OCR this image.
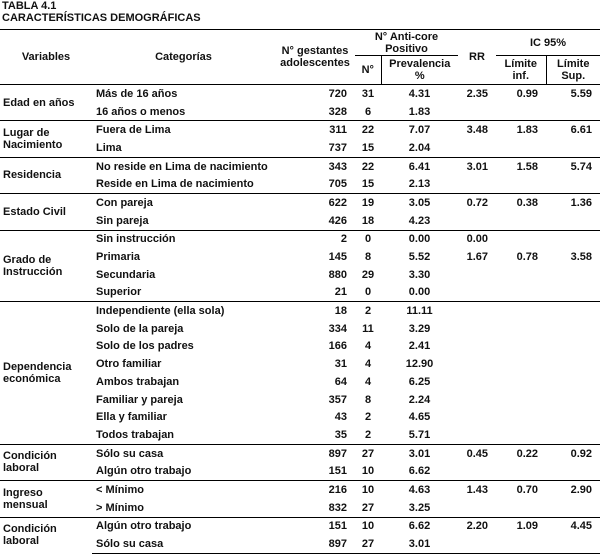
TABLA 4.1
CARACTERÍSTICAS DEMOGRÁFICAS
Variables	Categorías	N° gestantes adolescentes	N° Anti-core Positivo		RR	IC 95%	
			N°	Prevalencia %		Límite inf.	Límite Sup.
Edad en años	Más de 16 años	720	31	4.31	2.35	0.99	5.59
	16 años o menos	328	6	1.83			
Lugar de Nacimiento	Fuera de Lima	311	22	7.07	3.48	1.83	6.61
	Lima	737	15	2.04			
Residencia	No reside en Lima de nacimiento	343	22	6.41	3.01	1.58	5.74
	Reside en Lima de nacimiento	705	15	2.13			
Estado Civil	Con pareja	622	19	3.05	0.72	0.38	1.36
	Sin pareja	426	18	4.23			
Grado de Instrucción	Sin instrucción	2	0	0.00	0.00		
	Primaria	145	8	5.52	1.67	0.78	3.58
	Secundaria	880	29	3.30			
	Superior	21	0	0.00			
Dependencia económica	Independiente (ella sola)	18	2	11.11			
	Solo de la pareja	334	11	3.29			
	Solo de los padres	166	4	2.41			
	Otro familiar	31	4	12.90			
	Ambos trabajan	64	4	6.25			
	Familiar y pareja	357	8	2.24			
	Ella y familiar	43	2	4.65			
	Todos trabajan	35	2	5.71			
Condición laboral	Sólo su casa	897	27	3.01	0.45	0.22	0.92
	Algún otro trabajo	151	10	6.62			
Ingreso mensual	< Mínimo	216	10	4.63	1.43	0.70	2.90
	> Mínimo	832	27	3.25			
Condición laboral	Algún otro trabajo	151	10	6.62	2.20	1.09	4.45
	Sólo su casa	897	27	3.01			
